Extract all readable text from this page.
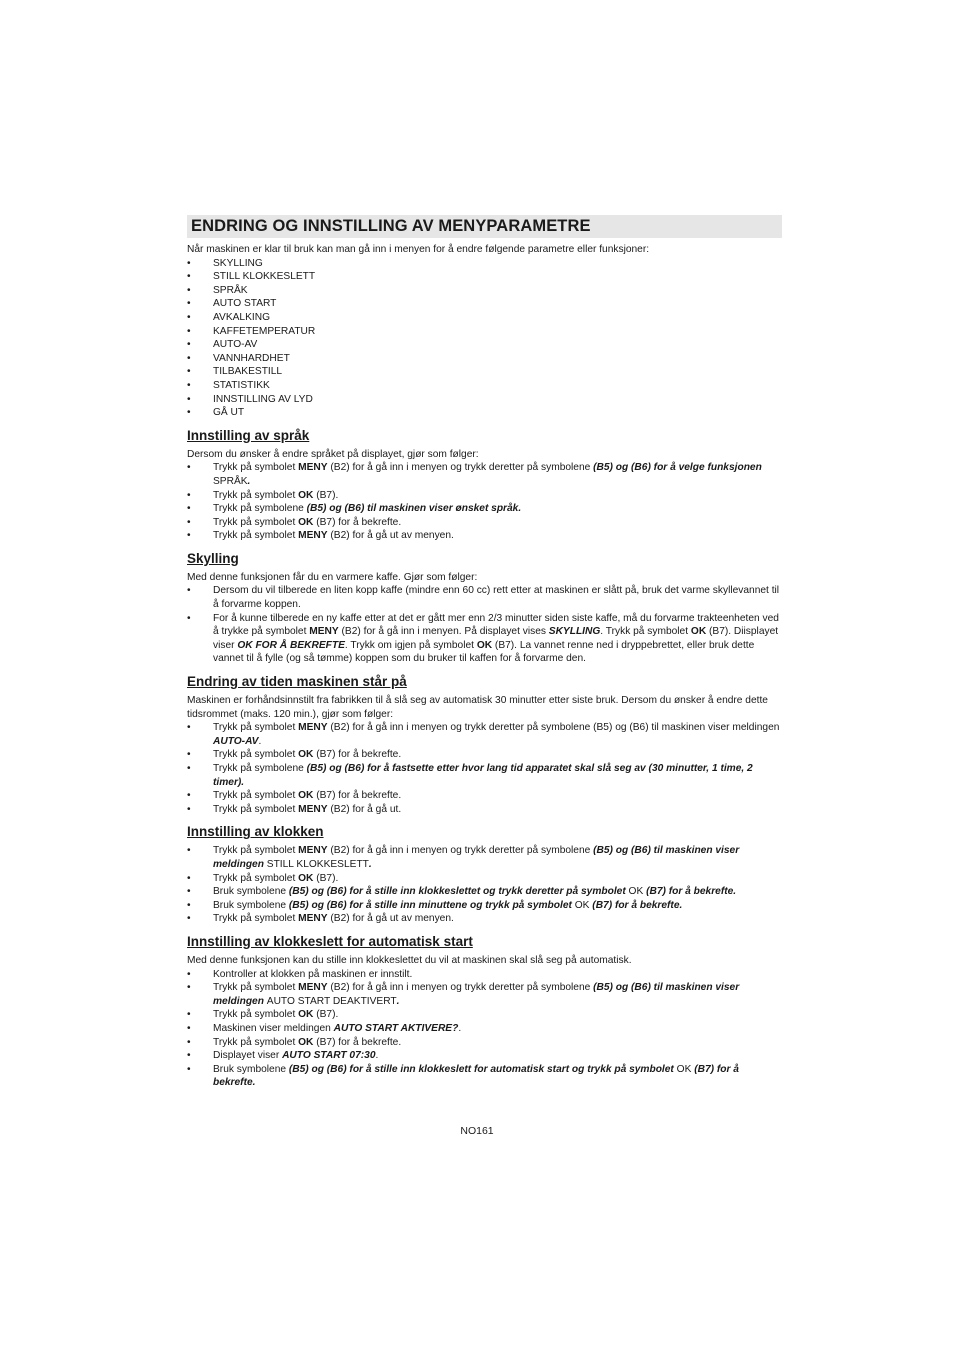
ENDRING OG INNSTILLING AV MENYPARAMETRE

Når maskinen er klar til bruk kan man gå inn i menyen for å endre følgende parametre eller funksjoner:

• SKYLLING
• STILL KLOKKESLETT
• SPRÅK
• AUTO START
• AVKALKING
• KAFFETEMPERATUR
• AUTO-AV
• VANNHARDHET
• TILBAKESTILL
• STATISTIKK
• INNSTILLING AV LYD
• GÅ UT
Innstilling av språk

Dersom du ønsker å endre språket på displayet, gjør som følger:

• Trykk på symbolet MENY (B2) for å gå inn i menyen og trykk deretter på symbolene (B5) og (B6) for å velge funksjonen SPRÅK.
• Trykk på symbolet OK (B7).
• Trykk på symbolene (B5) og (B6) til maskinen viser ønsket språk.
• Trykk på symbolet OK (B7) for å bekrefte.
• Trykk på symbolet MENY (B2) for å gå ut av menyen.
Skylling

Med denne funksjonen får du en varmere kaffe. Gjør som følger:

• Dersom du vil tilberede en liten kopp kaffe (mindre enn 60 cc) rett etter at maskinen er slått på, bruk det varme skyllevannet til å forvarme koppen.
• For å kunne tilberede en ny kaffe etter at det er gått mer enn 2/3 minutter siden siste kaffe, må du forvarme trakteenheten ved å trykke på symbolet MENY (B2) for å gå inn i menyen. På displayet vises SKYLLING. Trykk på symbolet OK (B7). Diisplayet viser OK FOR Å BEKREFTE. Trykk om igjen på symbolet OK (B7). La vannet renne ned i dryppebrettet, eller bruk dette vannet til å fylle (og så tømme) koppen som du bruker til kaffen for å forvarme den.
Endring av tiden maskinen står på

Maskinen er forhåndsinnstilt fra fabrikken til å slå seg av automatisk 30 minutter etter siste bruk. Dersom du ønsker å endre dette tidsrommet (maks. 120 min.), gjør som følger:

• Trykk på symbolet MENY (B2) for å gå inn i menyen og trykk deretter på symbolene (B5) og (B6) til maskinen viser meldingen AUTO-AV.
• Trykk på symbolet OK (B7) for å bekrefte.
• Trykk på symbolene (B5) og (B6) for å fastsette etter hvor lang tid apparatet skal slå seg av (30 minutter, 1 time, 2 timer).
• Trykk på symbolet OK (B7) for å bekrefte.
• Trykk på symbolet MENY (B2) for å gå ut.
Innstilling av klokken
• Trykk på symbolet MENY (B2) for å gå inn i menyen og trykk deretter på symbolene (B5) og (B6) til maskinen viser meldingen STILL KLOKKESLETT.
• Trykk på symbolet OK (B7).
• Bruk symbolene (B5) og (B6) for å stille inn klokkeslettet og trykk deretter på symbolet OK (B7) for å bekrefte.
• Bruk symbolene (B5) og (B6) for å stille inn minuttene og trykk på symbolet OK (B7) for å bekrefte.
• Trykk på symbolet MENY (B2) for å gå ut av menyen.
Innstilling av klokkeslett for automatisk start

Med denne funksjonen kan du stille inn klokkeslettet du vil at maskinen skal slå seg på automatisk.

• Kontroller at klokken på maskinen er innstilt.
• Trykk på symbolet MENY (B2) for å gå inn i menyen og trykk deretter på symbolene (B5) og (B6) til maskinen viser meldingen AUTO START DEAKTIVERT.
• Trykk på symbolet OK (B7).
• Maskinen viser meldingen AUTO START AKTIVERE?.
• Trykk på symbolet OK (B7) for å bekrefte.
• Displayet viser AUTO START 07:30.
• Bruk symbolene (B5) og (B6) for å stille inn klokkeslett for automatisk start og trykk på symbolet OK (B7) for å bekrefte.
NO161
